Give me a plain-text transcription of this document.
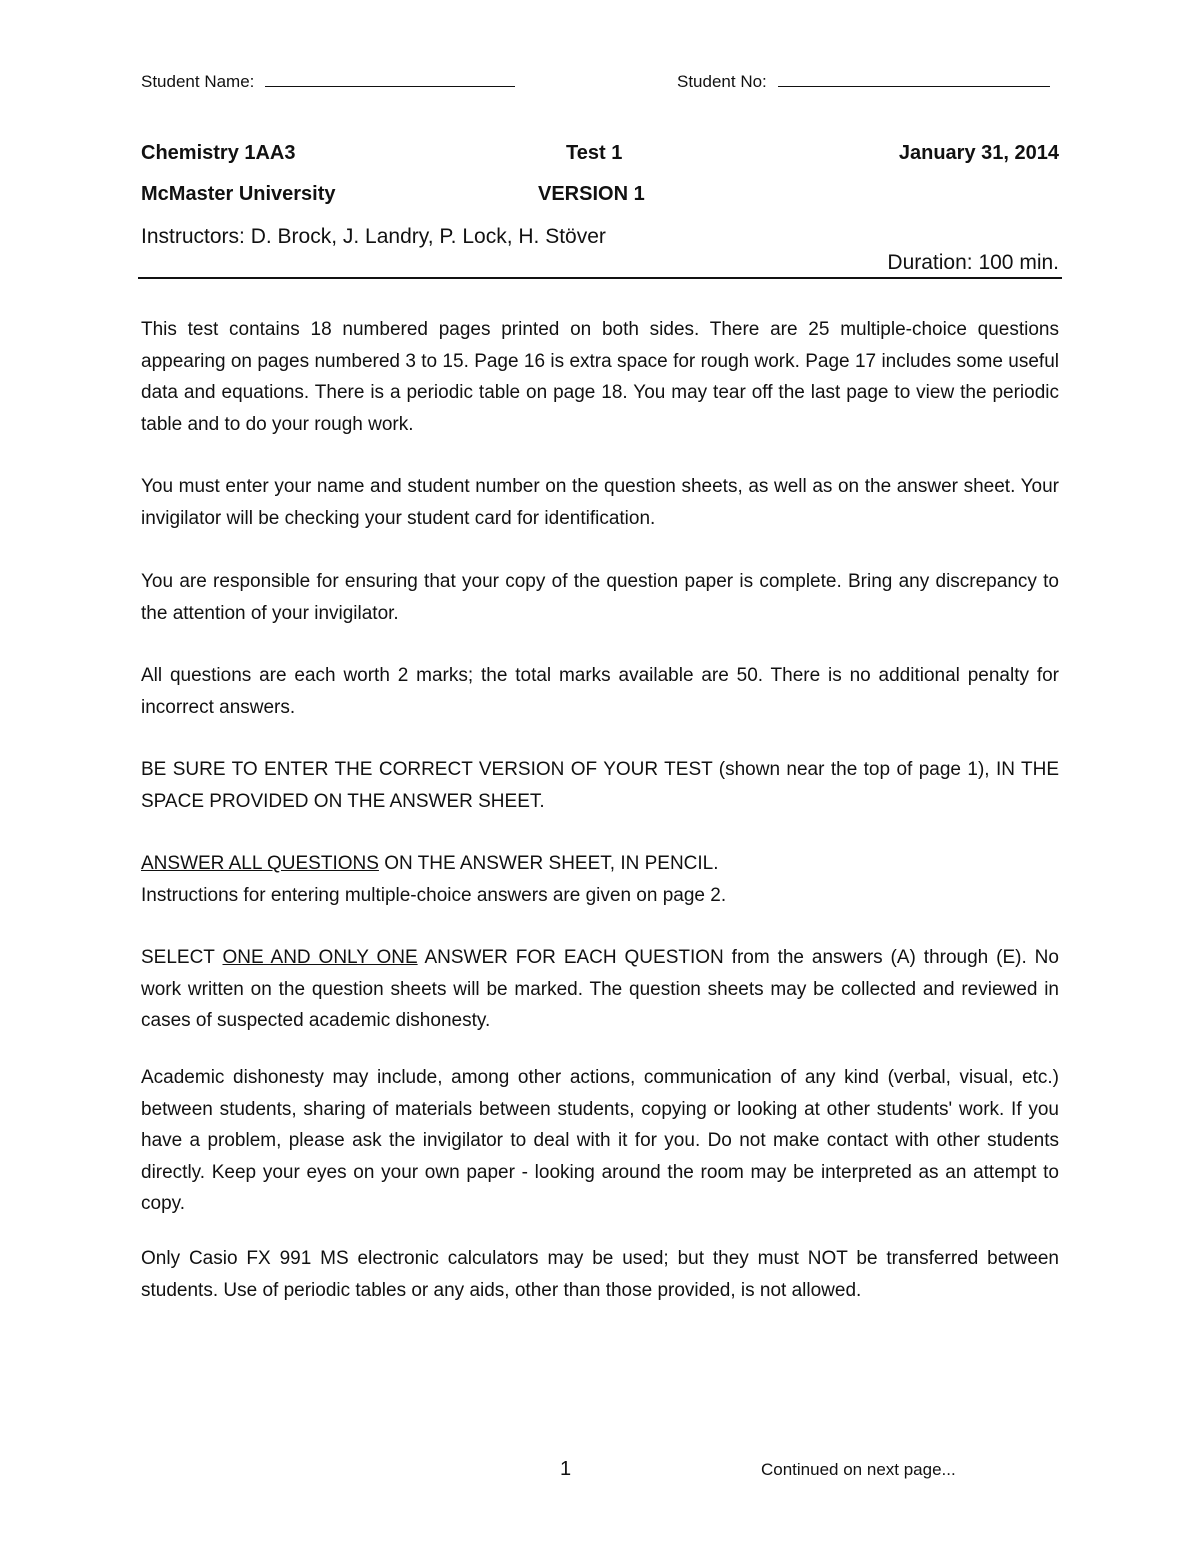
Student Name:	Student No:
Chemistry 1AA3	Test 1	January 31, 2014
McMaster University	VERSION 1
Instructors: D. Brock, J. Landry, P. Lock, H. Stöver
Duration: 100 min.
This test contains 18 numbered pages printed on both sides. There are 25 multiple-choice questions appearing on pages numbered 3 to 15. Page 16 is extra space for rough work. Page 17 includes some useful data and equations. There is a periodic table on page 18. You may tear off the last page to view the periodic table and to do your rough work.
You must enter your name and student number on the question sheets, as well as on the answer sheet. Your invigilator will be checking your student card for identification.
You are responsible for ensuring that your copy of the question paper is complete. Bring any discrepancy to the attention of your invigilator.
All questions are each worth 2 marks; the total marks available are 50. There is no additional penalty for incorrect answers.
BE SURE TO ENTER THE CORRECT VERSION OF YOUR TEST (shown near the top of page 1), IN THE SPACE PROVIDED ON THE ANSWER SHEET.
ANSWER ALL QUESTIONS ON THE ANSWER SHEET, IN PENCIL.
Instructions for entering multiple-choice answers are given on page 2.
SELECT ONE AND ONLY ONE ANSWER FOR EACH QUESTION from the answers (A) through (E). No work written on the question sheets will be marked. The question sheets may be collected and reviewed in cases of suspected academic dishonesty.
Academic dishonesty may include, among other actions, communication of any kind (verbal, visual, etc.) between students, sharing of materials between students, copying or looking at other students' work. If you have a problem, please ask the invigilator to deal with it for you. Do not make contact with other students directly. Keep your eyes on your own paper - looking around the room may be interpreted as an attempt to copy.
Only Casio FX 991 MS electronic calculators may be used; but they must NOT be transferred between students. Use of periodic tables or any aids, other than those provided, is not allowed.
1	Continued on next page...
